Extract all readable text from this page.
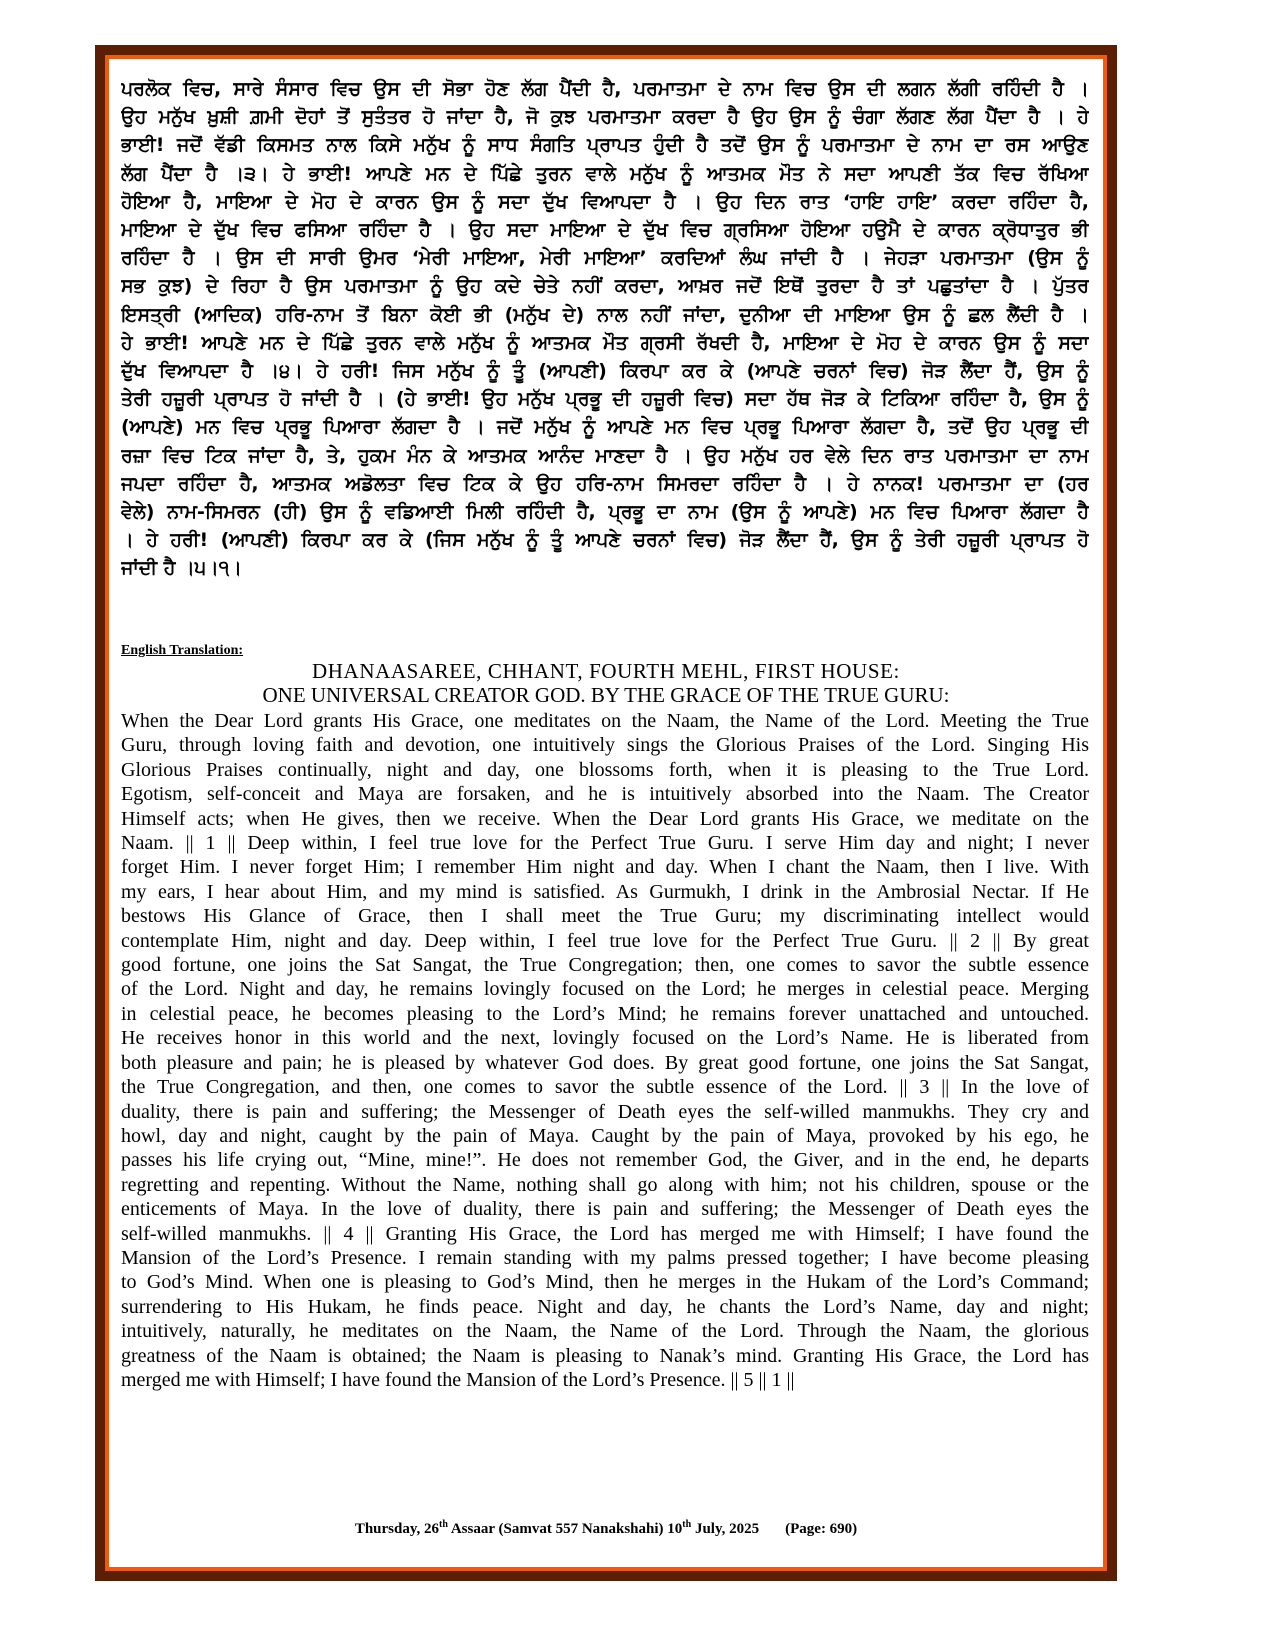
ਪਰਲੋਕ ਵਿਚ, ਸਾਰੇ ਸੰਸਾਰ ਵਿਚ ਉਸ ਦੀ ਸੋਭਾ ਹੋਣ ਲੱਗ ਪੈਂਦੀ ਹੈ, ਪਰਮਾਤਮਾ ਦੇ ਨਾਮ ਵਿਚ ਉਸ ਦੀ ਲਗਨ ਲੱਗੀ ਰਹਿੰਦੀ ਹੈ ।
ਉਹ ਮਨੁੱਖ ਖ਼ੁਸ਼ੀ ਗ਼ਮੀ ਦੋਹਾਂ ਤੋਂ ਸੁਤੰਤਰ ਹੋ ਜਾਂਦਾ ਹੈ, ਜੋ ਕੁਝ ਪਰਮਾਤਮਾ ਕਰਦਾ ਹੈ ਉਹ ਉਸ ਨੂੰ ਚੰਗਾ ਲੱਗਣ ਲੱਗ ਪੈਂਦਾ ਹੈ । ਹੇ
ਭਾਈ! ਜਦੋਂ ਵੱਡੀ ਕਿਸਮਤ ਨਾਲ ਕਿਸੇ ਮਨੁੱਖ ਨੂੰ ਸਾਧ ਸੰਗਤਿ ਪ੍ਰਾਪਤ ਹੁੰਦੀ ਹੈ ਤਦੋਂ ਉਸ ਨੂੰ ਪਰਮਾਤਮਾ ਦੇ ਨਾਮ ਦਾ ਰਸ ਆਉਣ
ਲੱਗ ਪੈਂਦਾ ਹੈ ।੩। ਹੇ ਭਾਈ! ਆਪਣੇ ਮਨ ਦੇ ਪਿੱਛੇ ਤੁਰਨ ਵਾਲੇ ਮਨੁੱਖ ਨੂੰ ਆਤਮਕ ਮੌਤ ਨੇ ਸਦਾ ਆਪਣੀ ਤੱਕ ਵਿਚ ਰੱਖਿਆ
ਹੋਇਆ ਹੈ, ਮਾਇਆ ਦੇ ਮੋਹ ਦੇ ਕਾਰਨ ਉਸ ਨੂੰ ਸਦਾ ਦੁੱਖ ਵਿਆਪਦਾ ਹੈ । ਉਹ ਦਿਨ ਰਾਤ ‘ਹਾਇ ਹਾਇ’ ਕਰਦਾ ਰਹਿੰਦਾ ਹੈ,
ਮਾਇਆ ਦੇ ਦੁੱਖ ਵਿਚ ਫਸਿਆ ਰਹਿੰਦਾ ਹੈ । ਉਹ ਸਦਾ ਮਾਇਆ ਦੇ ਦੁੱਖ ਵਿਚ ਗ੍ਰਸਿਆ ਹੋਇਆ ਹਉਮੈ ਦੇ ਕਾਰਨ ਕ੍ਰੋਧਾਤੁਰ ਭੀ
ਰਹਿੰਦਾ ਹੈ । ਉਸ ਦੀ ਸਾਰੀ ਉਮਰ ‘ਮੇਰੀ ਮਾਇਆ, ਮੇਰੀ ਮਾਇਆ’ ਕਰਦਿਆਂ ਲੰਘ ਜਾਂਦੀ ਹੈ । ਜੇਹੜਾ ਪਰਮਾਤਮਾ (ਉਸ ਨੂੰ
ਸਭ ਕੁਝ) ਦੇ ਰਿਹਾ ਹੈ ਉਸ ਪਰਮਾਤਮਾ ਨੂੰ ਉਹ ਕਦੇ ਚੇਤੇ ਨਹੀਂ ਕਰਦਾ, ਆਖ਼ਰ ਜਦੋਂ ਇਥੋਂ ਤੁਰਦਾ ਹੈ ਤਾਂ ਪਛੁਤਾਂਦਾ ਹੈ । ਪੁੱਤਰ
ਇਸਤ੍ਰੀ (ਆਦਿਕ) ਹਰਿ-ਨਾਮ ਤੋਂ ਬਿਨਾ ਕੋਈ ਭੀ (ਮਨੁੱਖ ਦੇ) ਨਾਲ ਨਹੀਂ ਜਾਂਦਾ, ਦੁਨੀਆ ਦੀ ਮਾਇਆ ਉਸ ਨੂੰ ਛਲ ਲੈਂਦੀ ਹੈ ।
ਹੇ ਭਾਈ! ਆਪਣੇ ਮਨ ਦੇ ਪਿੱਛੇ ਤੁਰਨ ਵਾਲੇ ਮਨੁੱਖ ਨੂੰ ਆਤਮਕ ਮੌਤ ਗ੍ਰਸੀ ਰੱਖਦੀ ਹੈ, ਮਾਇਆ ਦੇ ਮੋਹ ਦੇ ਕਾਰਨ ਉਸ ਨੂੰ ਸਦਾ
ਦੁੱਖ ਵਿਆਪਦਾ ਹੈ ।੪। ਹੇ ਹਰੀ! ਜਿਸ ਮਨੁੱਖ ਨੂੰ ਤੂੰ (ਆਪਣੀ) ਕਿਰਪਾ ਕਰ ਕੇ (ਆਪਣੇ ਚਰਨਾਂ ਵਿਚ) ਜੋੜ ਲੈਂਦਾ ਹੈਂ, ਉਸ ਨੂੰ
ਤੇਰੀ ਹਜ਼ੂਰੀ ਪ੍ਰਾਪਤ ਹੋ ਜਾਂਦੀ ਹੈ । (ਹੇ ਭਾਈ! ਉਹ ਮਨੁੱਖ ਪ੍ਰਭੂ ਦੀ ਹਜ਼ੂਰੀ ਵਿਚ) ਸਦਾ ਹੱਥ ਜੋੜ ਕੇ ਟਿਕਿਆ ਰਹਿੰਦਾ ਹੈ, ਉਸ ਨੂੰ
(ਆਪਣੇ) ਮਨ ਵਿਚ ਪ੍ਰਭੂ ਪਿਆਰਾ ਲੱਗਦਾ ਹੈ । ਜਦੋਂ ਮਨੁੱਖ ਨੂੰ ਆਪਣੇ ਮਨ ਵਿਚ ਪ੍ਰਭੂ ਪਿਆਰਾ ਲੱਗਦਾ ਹੈ, ਤਦੋਂ ਉਹ ਪ੍ਰਭੂ ਦੀ
ਰਜ਼ਾ ਵਿਚ ਟਿਕ ਜਾਂਦਾ ਹੈ, ਤੇ, ਹੁਕਮ ਮੰਨ ਕੇ ਆਤਮਕ ਆਨੰਦ ਮਾਣਦਾ ਹੈ । ਉਹ ਮਨੁੱਖ ਹਰ ਵੇਲੇ ਦਿਨ ਰਾਤ ਪਰਮਾਤਮਾ ਦਾ ਨਾਮ
ਜਪਦਾ ਰਹਿੰਦਾ ਹੈ, ਆਤਮਕ ਅਡੋਲਤਾ ਵਿਚ ਟਿਕ ਕੇ ਉਹ ਹਰਿ-ਨਾਮ ਸਿਮਰਦਾ ਰਹਿੰਦਾ ਹੈ । ਹੇ ਨਾਨਕ! ਪਰਮਾਤਮਾ ਦਾ (ਹਰ
ਵੇਲੇ) ਨਾਮ-ਸਿਮਰਨ (ਹੀ) ਉਸ ਨੂੰ ਵਡਿਆਈ ਮਿਲੀ ਰਹਿੰਦੀ ਹੈ, ਪ੍ਰਭੂ ਦਾ ਨਾਮ (ਉਸ ਨੂੰ ਆਪਣੇ) ਮਨ ਵਿਚ ਪਿਆਰਾ ਲੱਗਦਾ ਹੈ
। ਹੇ ਹਰੀ! (ਆਪਣੀ) ਕਿਰਪਾ ਕਰ ਕੇ (ਜਿਸ ਮਨੁੱਖ ਨੂੰ ਤੂੰ ਆਪਣੇ ਚਰਨਾਂ ਵਿਚ) ਜੋੜ ਲੈਂਦਾ ਹੈਂ, ਉਸ ਨੂੰ ਤੇਰੀ ਹਜ਼ੂਰੀ ਪ੍ਰਾਪਤ ਹੋ
ਜਾਂਦੀ ਹੈ ।੫।੧।
English Translation:
DHANAASAREE, CHHANT, FOURTH MEHL, FIRST HOUSE:
ONE UNIVERSAL CREATOR GOD. BY THE GRACE OF THE TRUE GURU:
When the Dear Lord grants His Grace, one meditates on the Naam, the Name of the Lord. Meeting the True
Guru, through loving faith and devotion, one intuitively sings the Glorious Praises of the Lord. Singing His
Glorious Praises continually, night and day, one blossoms forth, when it is pleasing to the True Lord.
Egotism, self-conceit and Maya are forsaken, and he is intuitively absorbed into the Naam. The Creator
Himself acts; when He gives, then we receive. When the Dear Lord grants His Grace, we meditate on the
Naam. || 1 || Deep within, I feel true love for the Perfect True Guru. I serve Him day and night; I never
forget Him. I never forget Him; I remember Him night and day. When I chant the Naam, then I live. With
my ears, I hear about Him, and my mind is satisfied. As Gurmukh, I drink in the Ambrosial Nectar. If He
bestows His Glance of Grace, then I shall meet the True Guru; my discriminating intellect would
contemplate Him, night and day. Deep within, I feel true love for the Perfect True Guru. || 2 || By great
good fortune, one joins the Sat Sangat, the True Congregation; then, one comes to savor the subtle essence
of the Lord. Night and day, he remains lovingly focused on the Lord; he merges in celestial peace. Merging
in celestial peace, he becomes pleasing to the Lord’s Mind; he remains forever unattached and untouched.
He receives honor in this world and the next, lovingly focused on the Lord’s Name. He is liberated from
both pleasure and pain; he is pleased by whatever God does. By great good fortune, one joins the Sat Sangat,
the True Congregation, and then, one comes to savor the subtle essence of the Lord. || 3 || In the love of
duality, there is pain and suffering; the Messenger of Death eyes the self-willed manmukhs. They cry and
howl, day and night, caught by the pain of Maya. Caught by the pain of Maya, provoked by his ego, he
passes his life crying out, “Mine, mine!”. He does not remember God, the Giver, and in the end, he departs
regretting and repenting. Without the Name, nothing shall go along with him; not his children, spouse or the
enticements of Maya. In the love of duality, there is pain and suffering; the Messenger of Death eyes the
self-willed manmukhs. || 4 || Granting His Grace, the Lord has merged me with Himself; I have found the
Mansion of the Lord’s Presence. I remain standing with my palms pressed together; I have become pleasing
to God’s Mind. When one is pleasing to God’s Mind, then he merges in the Hukam of the Lord’s Command;
surrendering to His Hukam, he finds peace. Night and day, he chants the Lord’s Name, day and night;
intuitively, naturally, he meditates on the Naam, the Name of the Lord. Through the Naam, the glorious
greatness of the Naam is obtained; the Naam is pleasing to Nanak’s mind. Granting His Grace, the Lord has
merged me with Himself; I have found the Mansion of the Lord’s Presence. || 5 || 1 ||
Thursday, 26th Assaar (Samvat 557 Nanakshahi) 10th July, 2025 (Page: 690)
